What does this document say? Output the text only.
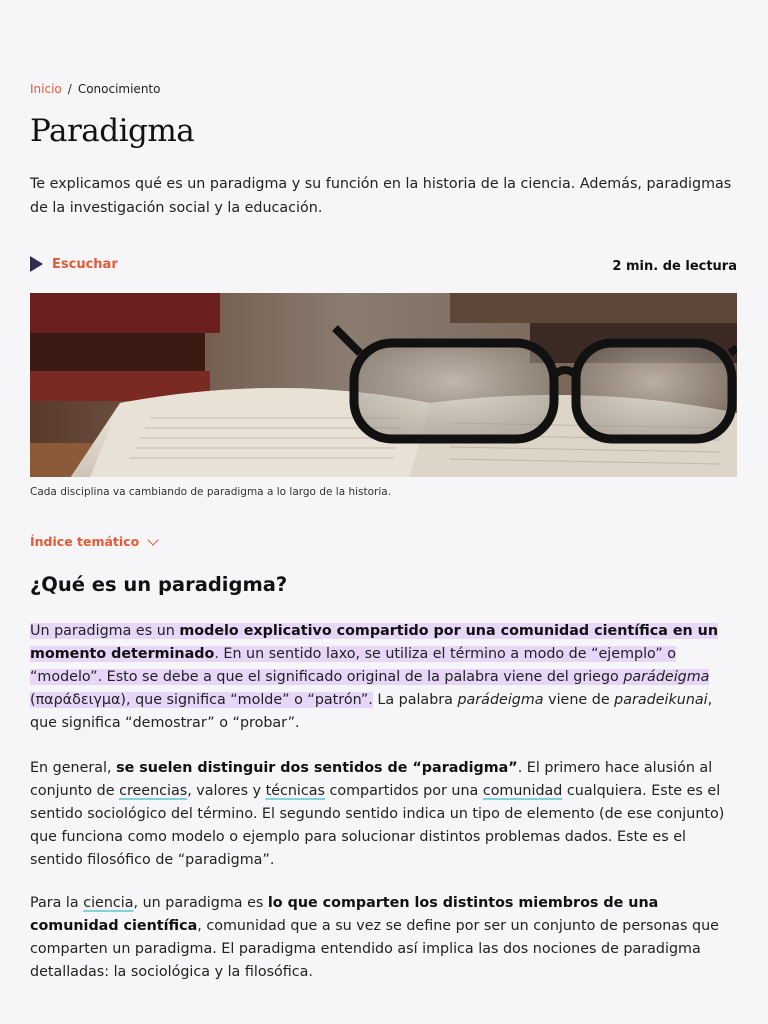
Inicio / Conocimiento
Paradigma

Te explicamos qué es un paradigma y su función en la historia de la ciencia. Además, paradigmas de la investigación social y la educación.

Escuchar	2 min. de lectura
Cada disciplina va cambiando de paradigma a lo largo de la historia.
Índice temático
¿Qué es un paradigma?

Un paradigma es un modelo explicativo compartido por una comunidad científica en un momento determinado. En un sentido laxo, se utiliza el término a modo de “ejemplo” o “modelo”. Esto se debe a que el significado original de la palabra viene del griego parádeigma (παράδειγμα), que significa “molde” o “patrón”. La palabra parádeigma viene de paradeikunai, que significa “demostrar” o “probar”.

En general, se suelen distinguir dos sentidos de “paradigma”. El primero hace alusión al conjunto de creencias, valores y técnicas compartidos por una comunidad cualquiera. Este es el sentido sociológico del término. El segundo sentido indica un tipo de elemento (de ese conjunto) que funciona como modelo o ejemplo para solucionar distintos problemas dados. Este es el sentido filosófico de “paradigma”.

Para la ciencia, un paradigma es lo que comparten los distintos miembros de una comunidad científica, comunidad que a su vez se define por ser un conjunto de personas que comparten un paradigma. El paradigma entendido así implica las dos nociones de paradigma detalladas: la sociológica y la filosófica.
